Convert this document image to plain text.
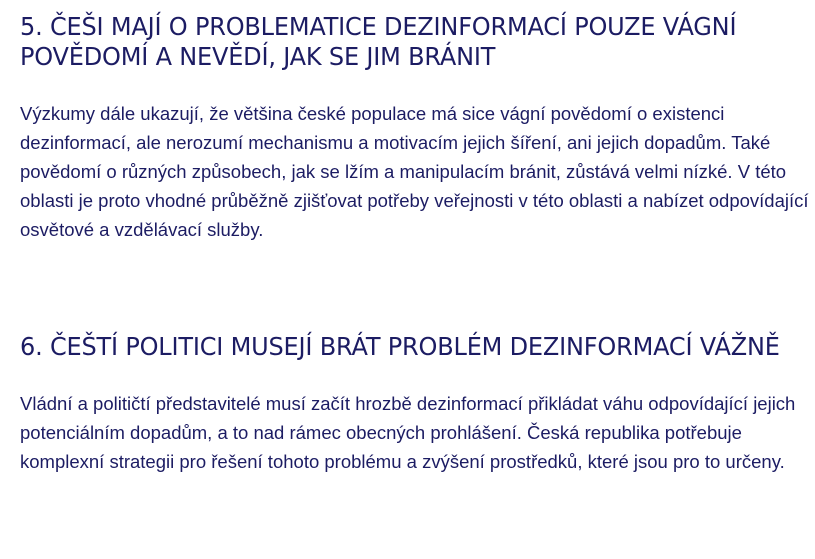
5. ČEŠI MAJÍ O PROBLEMATICE DEZINFORMACÍ POUZE VÁGNÍ POVĚDOMÍ A NEVĚDÍ, JAK SE JIM BRÁNIT

Výzkumy dále ukazují, že většina české populace má sice vágní povědomí o existenci dezinformací, ale nerozumí mechanismu a motivacím jejich šíření, ani jejich dopadům. Také povědomí o různých způsobech, jak se lžím a manipulacím bránit, zůstává velmi nízké. V této oblasti je proto vhodné průběžně zjišťovat potřeby veřejnosti v této oblasti a nabízet odpovídající osvětové a vzdělávací služby.

6. ČEŠTÍ POLITICI MUSEJÍ BRÁT PROBLÉM DEZINFORMACÍ VÁŽNĚ

Vládní a političtí představitelé musí začít hrozbě dezinformací přikládat váhu odpovídající jejich potenciálním dopadům, a to nad rámec obecných prohlášení. Česká republika potřebuje komplexní strategii pro řešení tohoto problému a zvýšení prostředků, které jsou pro to určeny.
